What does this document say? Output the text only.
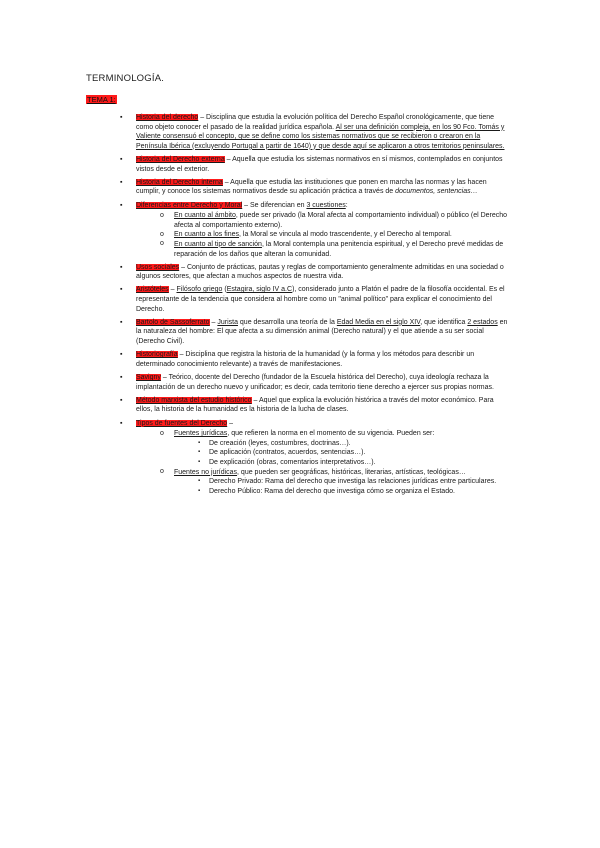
TERMINOLOGÍA.
TEMA 1:
▪ Historia del derecho – Disciplina que estudia la evolución política del Derecho Español cronológicamente, que tiene como objeto conocer el pasado de la realidad jurídica española. Al ser una definición compleja, en los 90 Fco. Tomás y Valiente consensuó el concepto, que se define como los sistemas normativos que se recibieron o crearon en la Península Ibérica (excluyendo Portugal a partir de 1640) y que desde aquí se aplicaron a otros territorios peninsulares.
▪ Historia del Derecho externa – Aquella que estudia los sistemas normativos en sí mismos, contemplados en conjuntos vistos desde el exterior.
▪ Historia del Derecho interna – Aquella que estudia las instituciones que ponen en marcha las normas y las hacen cumplir, y conoce los sistemas normativos desde su aplicación práctica a través de documentos, sentencias…
▪ Diferencias entre Derecho y Moral – Se diferencian en 3 cuestiones:
o En cuanto al ámbito, puede ser privado (la Moral afecta al comportamiento individual) o público (el Derecho afecta al comportamiento externo).
o En cuanto a los fines, la Moral se vincula al modo trascendente, y el Derecho al temporal.
o En cuanto al tipo de sanción, la Moral contempla una penitencia espiritual, y el Derecho prevé medidas de reparación de los daños que alteran la comunidad.
▪ Usos sociales – Conjunto de prácticas, pautas y reglas de comportamiento generalmente admitidas en una sociedad o algunos sectores, que afectan a muchos aspectos de nuestra vida.
▪ Aristóteles – Filósofo griego (Estagira, siglo IV a.C), considerado junto a Platón el padre de la filosofía occidental. Es el representante de la tendencia que considera al hombre como un "animal político" para explicar el conocimiento del Derecho.
▪ Bartolo de Sassoferrato – Jurista que desarrolla una teoría de la Edad Media en el siglo XIV, que identifica 2 estados en la naturaleza del hombre: El que afecta a su dimensión animal (Derecho natural) y el que atiende a su ser social (Derecho Civil).
▪ Historiografía – Disciplina que registra la historia de la humanidad (y la forma y los métodos para describir un determinado conocimiento relevante) a través de manifestaciones.
▪ Savigny – Teórico, docente del Derecho (fundador de la Escuela histórica del Derecho), cuya ideología rechaza la implantación de un derecho nuevo y unificador; es decir, cada territorio tiene derecho a ejercer sus propias normas.
▪ Método marxista del estudio histórico – Aquel que explica la evolución histórica a través del motor económico. Para ellos, la historia de la humanidad es la historia de la lucha de clases.
▪ Tipos de fuentes del Derecho –
o Fuentes jurídicas, que refieren la norma en el momento de su vigencia. Pueden ser:
▪ De creación (leyes, costumbres, doctrinas…).
▪ De aplicación (contratos, acuerdos, sentencias…).
▪ De explicación (obras, comentarios interpretativos…).
o Fuentes no jurídicas, que pueden ser geográficas, históricas, literarias, artísticas, teológicas…
▪ Derecho Privado: Rama del derecho que investiga las relaciones jurídicas entre particulares.
▪ Derecho Público: Rama del derecho que investiga cómo se organiza el Estado.
